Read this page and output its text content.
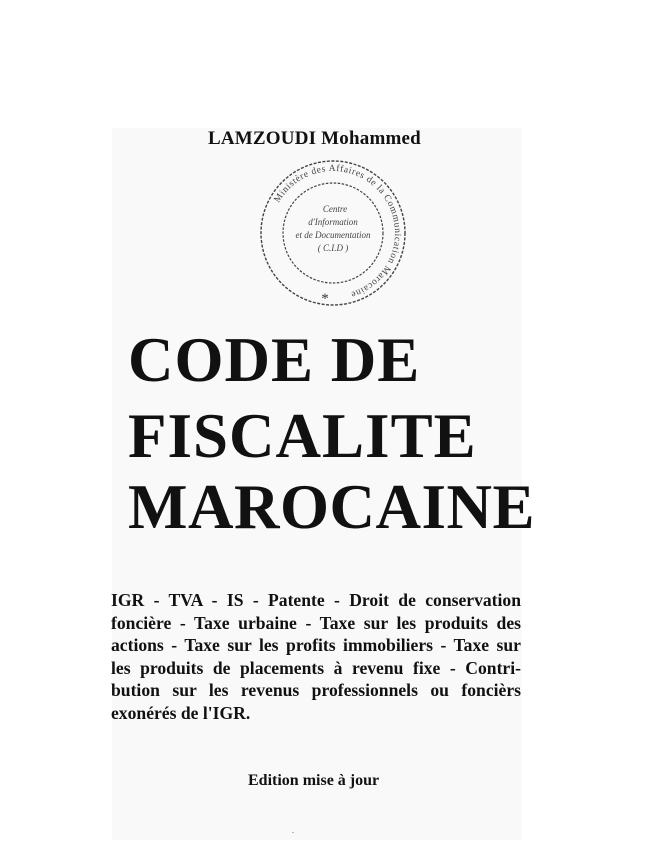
LAMZOUDI Mohammed
Ministère des Affaires de la Communication Marocaine
Centre
d'Information
et de Documentation
( C.I.D )
*
CODE DE
FISCALITE
MAROCAINE
IGR - TVA - IS - Patente - Droit de conservation
foncière - Taxe urbaine - Taxe sur les produits des
actions - Taxe sur les profits immobiliers - Taxe sur
les produits de placements à revenu fixe - Contri-
bution sur les revenus professionnels ou foncièrs
exonérés de l'IGR.
Edition mise à jour
